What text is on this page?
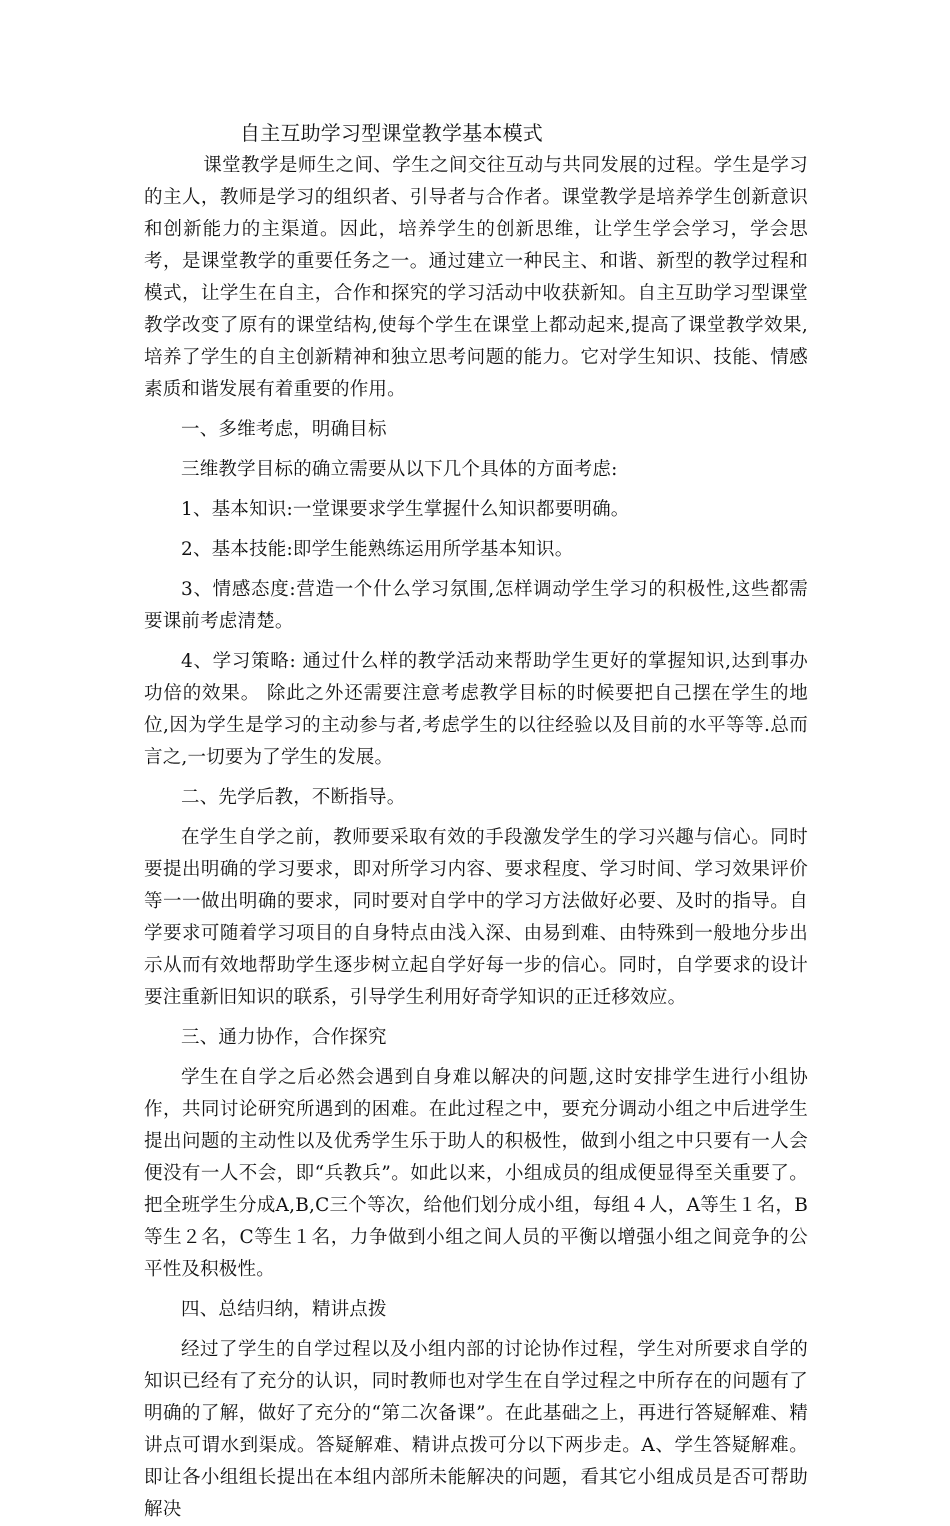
自主互助学习型课堂教学基本模式

课堂教学是师生之间、学生之间交往互动与共同发展的过程。学生是学习的主人，教师是学习的组织者、引导者与合作者。课堂教学是培养学生创新意识和创新能力的主渠道。因此，培养学生的创新思维，让学生学会学习，学会思考，是课堂教学的重要任务之一。通过建立一种民主、和谐、新型的教学过程和模式，让学生在自主，合作和探究的学习活动中收获新知。自主互助学习型课堂教学改变了原有的课堂结构,使每个学生在课堂上都动起来,提高了课堂教学效果,培养了学生的自主创新精神和独立思考问题的能力。它对学生知识、技能、情感素质和谐发展有着重要的作用。

一、多维考虑，明确目标

三维教学目标的确立需要从以下几个具体的方面考虑:

1、基本知识:一堂课要求学生掌握什么知识都要明确。

2、基本技能:即学生能熟练运用所学基本知识。

3、情感态度:营造一个什么学习氛围,怎样调动学生学习的积极性,这些都需要课前考虑清楚。

4、学习策略: 通过什么样的教学活动来帮助学生更好的掌握知识,达到事办功倍的效果。 除此之外还需要注意考虑教学目标的时候要把自己摆在学生的地位,因为学生是学习的主动参与者,考虑学生的以往经验以及目前的水平等等.总而言之,一切要为了学生的发展。

二、先学后教，不断指导。

在学生自学之前，教师要采取有效的手段激发学生的学习兴趣与信心。同时要提出明确的学习要求，即对所学习内容、要求程度、学习时间、学习效果评价等一一做出明确的要求，同时要对自学中的学习方法做好必要、及时的指导。自学要求可随着学习项目的自身特点由浅入深、由易到难、由特殊到一般地分步出示从而有效地帮助学生逐步树立起自学好每一步的信心。同时，自学要求的设计要注重新旧知识的联系，引导学生利用好奇学知识的正迁移效应。

三、通力协作，合作探究

学生在自学之后必然会遇到自身难以解决的问题,这时安排学生进行小组协作，共同讨论研究所遇到的困难。在此过程之中，要充分调动小组之中后进学生提出问题的主动性以及优秀学生乐于助人的积极性，做到小组之中只要有一人会便没有一人不会，即“兵教兵”。如此以来，小组成员的组成便显得至关重要了。把全班学生分成A,B,C三个等次，给他们划分成小组，每组４人，A等生１名，B等生２名，C等生１名，力争做到小组之间人员的平衡以增强小组之间竞争的公平性及积极性。

四、总结归纳，精讲点拨

经过了学生的自学过程以及小组内部的讨论协作过程，学生对所要求自学的知识已经有了充分的认识，同时教师也对学生在自学过程之中所存在的问题有了明确的了解，做好了充分的“第二次备课”。在此基础之上，再进行答疑解难、精讲点可谓水到渠成。答疑解难、精讲点拨可分以下两步走。A、学生答疑解难。即让各小组组长提出在本组内部所未能解决的问题，看其它小组成员是否可帮助解决
